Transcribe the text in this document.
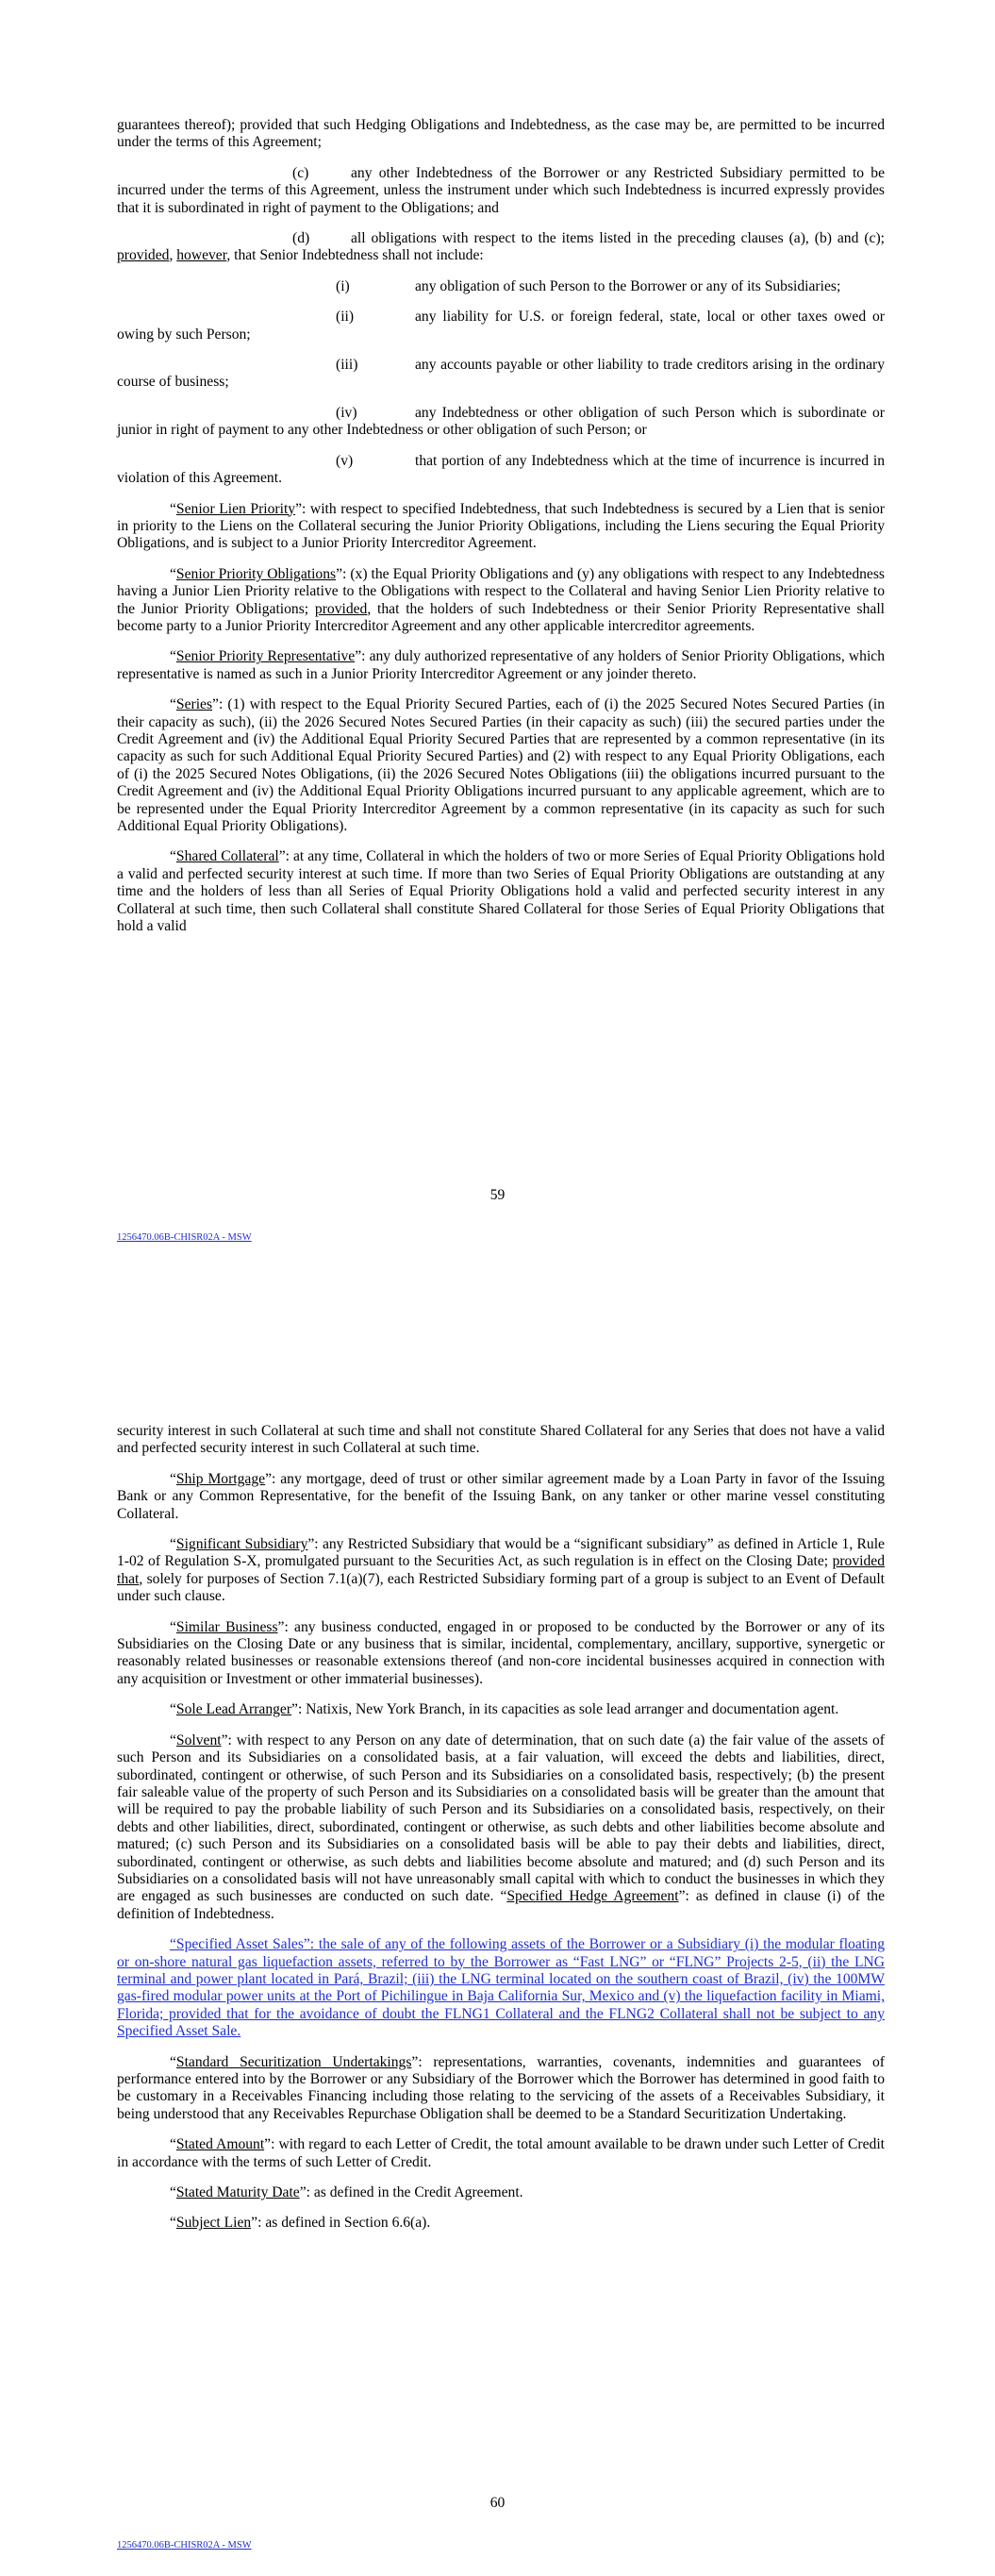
guarantees thereof); provided that such Hedging Obligations and Indebtedness, as the case may be, are permitted to be incurred under the terms of this Agreement;

(c)	any other Indebtedness of the Borrower or any Restricted Subsidiary permitted to be incurred under the terms of this Agreement, unless the instrument under which such Indebtedness is incurred expressly provides that it is subordinated in right of payment to the Obligations; and

(d)	all obligations with respect to the items listed in the preceding clauses (a), (b) and (c); provided, however, that Senior Indebtedness shall not include:

(i)	any obligation of such Person to the Borrower or any of its Subsidiaries;

(ii)	any liability for U.S. or foreign federal, state, local or other taxes owed or owing by such Person;

(iii)	any accounts payable or other liability to trade creditors arising in the ordinary course of business;

(iv)	any Indebtedness or other obligation of such Person which is subordinate or junior in right of payment to any other Indebtedness or other obligation of such Person; or

(v)	that portion of any Indebtedness which at the time of incurrence is incurred in violation of this Agreement.

“Senior Lien Priority”: with respect to specified Indebtedness, that such Indebtedness is secured by a Lien that is senior in priority to the Liens on the Collateral securing the Junior Priority Obligations, including the Liens securing the Equal Priority Obligations, and is subject to a Junior Priority Intercreditor Agreement.

“Senior Priority Obligations”: (x) the Equal Priority Obligations and (y) any obligations with respect to any Indebtedness having a Junior Lien Priority relative to the Obligations with respect to the Collateral and having Senior Lien Priority relative to the Junior Priority Obligations; provided, that the holders of such Indebtedness or their Senior Priority Representative shall become party to a Junior Priority Intercreditor Agreement and any other applicable intercreditor agreements.

“Senior Priority Representative”: any duly authorized representative of any holders of Senior Priority Obligations, which representative is named as such in a Junior Priority Intercreditor Agreement or any joinder thereto.

“Series”: (1) with respect to the Equal Priority Secured Parties, each of (i) the 2025 Secured Notes Secured Parties (in their capacity as such), (ii) the 2026 Secured Notes Secured Parties (in their capacity as such) (iii) the secured parties under the Credit Agreement and (iv) the Additional Equal Priority Secured Parties that are represented by a common representative (in its capacity as such for such Additional Equal Priority Secured Parties) and (2) with respect to any Equal Priority Obligations, each of (i) the 2025 Secured Notes Obligations, (ii) the 2026 Secured Notes Obligations (iii) the obligations incurred pursuant to the Credit Agreement and (iv) the Additional Equal Priority Obligations incurred pursuant to any applicable agreement, which are to be represented under the Equal Priority Intercreditor Agreement by a common representative (in its capacity as such for such Additional Equal Priority Obligations).

“Shared Collateral”: at any time, Collateral in which the holders of two or more Series of Equal Priority Obligations hold a valid and perfected security interest at such time. If more than two Series of Equal Priority Obligations are outstanding at any time and the holders of less than all Series of Equal Priority Obligations hold a valid and perfected security interest in any Collateral at such time, then such Collateral shall constitute Shared Collateral for those Series of Equal Priority Obligations that hold a valid

59
1256470.06B-CHISR02A - MSW

security interest in such Collateral at such time and shall not constitute Shared Collateral for any Series that does not have a valid and perfected security interest in such Collateral at such time.

“Ship Mortgage”: any mortgage, deed of trust or other similar agreement made by a Loan Party in favor of the Issuing Bank or any Common Representative, for the benefit of the Issuing Bank, on any tanker or other marine vessel constituting Collateral.

“Significant Subsidiary”: any Restricted Subsidiary that would be a “significant subsidiary” as defined in Article 1, Rule 1-02 of Regulation S-X, promulgated pursuant to the Securities Act, as such regulation is in effect on the Closing Date; provided that, solely for purposes of Section 7.1(a)(7), each Restricted Subsidiary forming part of a group is subject to an Event of Default under such clause.

“Similar Business”: any business conducted, engaged in or proposed to be conducted by the Borrower or any of its Subsidiaries on the Closing Date or any business that is similar, incidental, complementary, ancillary, supportive, synergetic or reasonably related businesses or reasonable extensions thereof (and non-core incidental businesses acquired in connection with any acquisition or Investment or other immaterial businesses).

“Sole Lead Arranger”: Natixis, New York Branch, in its capacities as sole lead arranger and documentation agent.

“Solvent”: with respect to any Person on any date of determination, that on such date (a) the fair value of the assets of such Person and its Subsidiaries on a consolidated basis, at a fair valuation, will exceed the debts and liabilities, direct, subordinated, contingent or otherwise, of such Person and its Subsidiaries on a consolidated basis, respectively; (b) the present fair saleable value of the property of such Person and its Subsidiaries on a consolidated basis will be greater than the amount that will be required to pay the probable liability of such Person and its Subsidiaries on a consolidated basis, respectively, on their debts and other liabilities, direct, subordinated, contingent or otherwise, as such debts and other liabilities become absolute and matured; (c) such Person and its Subsidiaries on a consolidated basis will be able to pay their debts and liabilities, direct, subordinated, contingent or otherwise, as such debts and liabilities become absolute and matured; and (d) such Person and its Subsidiaries on a consolidated basis will not have unreasonably small capital with which to conduct the businesses in which they are engaged as such businesses are conducted on such date. “Specified Hedge Agreement”: as defined in clause (i) of the definition of Indebtedness.

“Specified Asset Sales”: the sale of any of the following assets of the Borrower or a Subsidiary (i) the modular floating or on-shore natural gas liquefaction assets, referred to by the Borrower as “Fast LNG” or “FLNG” Projects 2-5, (ii) the LNG terminal and power plant located in Pará, Brazil; (iii) the LNG terminal located on the southern coast of Brazil, (iv) the 100MW gas-fired modular power units at the Port of Pichilingue in Baja California Sur, Mexico and (v) the liquefaction facility in Miami, Florida; provided that for the avoidance of doubt the FLNG1 Collateral and the FLNG2 Collateral shall not be subject to any Specified Asset Sale.

“Standard Securitization Undertakings”: representations, warranties, covenants, indemnities and guarantees of performance entered into by the Borrower or any Subsidiary of the Borrower which the Borrower has determined in good faith to be customary in a Receivables Financing including those relating to the servicing of the assets of a Receivables Subsidiary, it being understood that any Receivables Repurchase Obligation shall be deemed to be a Standard Securitization Undertaking.

“Stated Amount”: with regard to each Letter of Credit, the total amount available to be drawn under such Letter of Credit in accordance with the terms of such Letter of Credit.

“Stated Maturity Date”: as defined in the Credit Agreement.

“Subject Lien”: as defined in Section 6.6(a).

60
1256470.06B-CHISR02A - MSW
